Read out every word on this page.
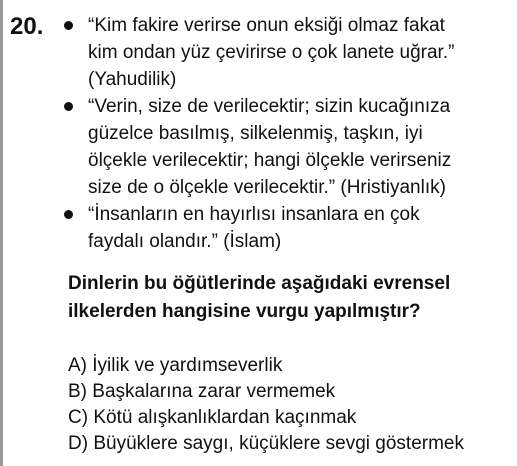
20. “Kim fakire verirse onun eksiği olmaz fakat
kim ondan yüz çevirirse o çok lanete uğrar.”
(Yahudilik)
“Verin, size de verilecektir; sizin kucağınıza
güzelce basılmış, silkelenmiş, taşkın, iyi
ölçekle verilecektir; hangi ölçekle verirseniz
size de o ölçekle verilecektir.” (Hristiyanlık)
“İnsanların en hayırlısı insanlara en çok
faydalı olandır.” (İslam)
Dinlerin bu öğütlerinde aşağıdaki evrensel
ilkelerden hangisine vurgu yapılmıştır?
A) İyilik ve yardımseverlik
B) Başkalarına zarar vermemek
C) Kötü alışkanlıklardan kaçınmak
D) Büyüklere saygı, küçüklere sevgi göstermek
